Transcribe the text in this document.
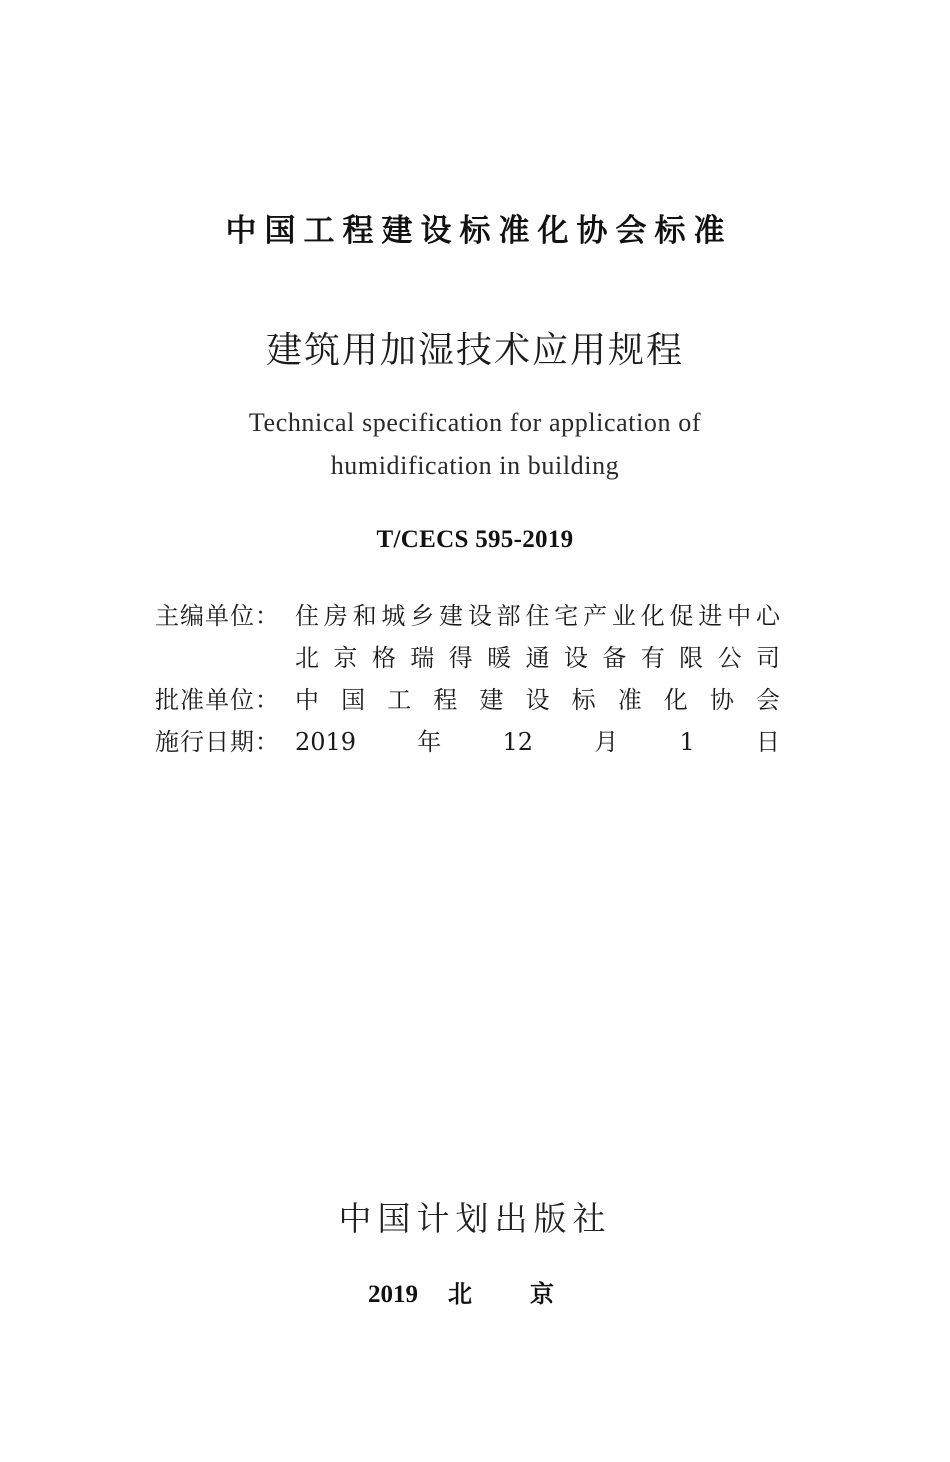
中国工程建设标准化协会标准
建筑用加湿技术应用规程
Technical specification for application of
humidification in building
T/CECS 595-2019
主编单位： 住房和城乡建设部住宅产业化促进中心
北京格瑞得暖通设备有限公司
批准单位： 中国工程建设标准化协会
施行日期： 2019年12月1日
中国计划出版社
2019 北京
